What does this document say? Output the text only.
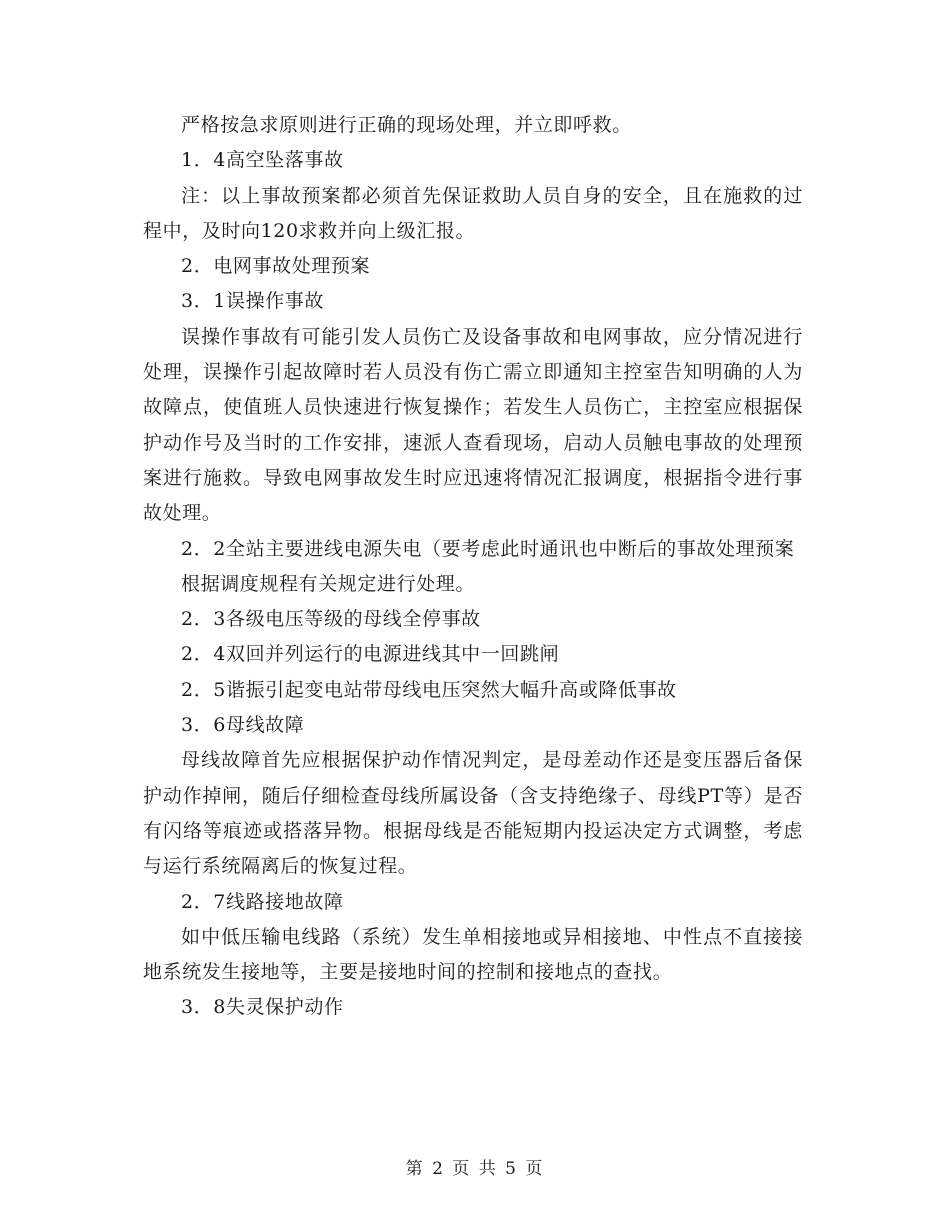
严格按急求原则进行正确的现场处理，并立即呼救。

1．4高空坠落事故

注：以上事故预案都必须首先保证救助人员自身的安全，且在施救的过程中，及时向120求救并向上级汇报。

2．电网事故处理预案

3．1误操作事故

误操作事故有可能引发人员伤亡及设备事故和电网事故，应分情况进行处理，误操作引起故障时若人员没有伤亡需立即通知主控室告知明确的人为故障点，使值班人员快速进行恢复操作；若发生人员伤亡，主控室应根据保护动作号及当时的工作安排，速派人查看现场，启动人员触电事故的处理预案进行施救。导致电网事故发生时应迅速将情况汇报调度，根据指令进行事故处理。

2．2全站主要进线电源失电（要考虑此时通讯也中断后的事故处理预案

根据调度规程有关规定进行处理。

2．3各级电压等级的母线全停事故

2．4双回并列运行的电源进线其中一回跳闸

2．5谐振引起变电站带母线电压突然大幅升高或降低事故

3．6母线故障

母线故障首先应根据保护动作情况判定，是母差动作还是变压器后备保护动作掉闸，随后仔细检查母线所属设备（含支持绝缘子、母线PT等）是否有闪络等痕迹或搭落异物。根据母线是否能短期内投运决定方式调整，考虑与运行系统隔离后的恢复过程。

2．7线路接地故障

如中低压输电线路（系统）发生单相接地或异相接地、中性点不直接接地系统发生接地等，主要是接地时间的控制和接地点的查找。

3．8失灵保护动作

第 2 页 共 5 页
